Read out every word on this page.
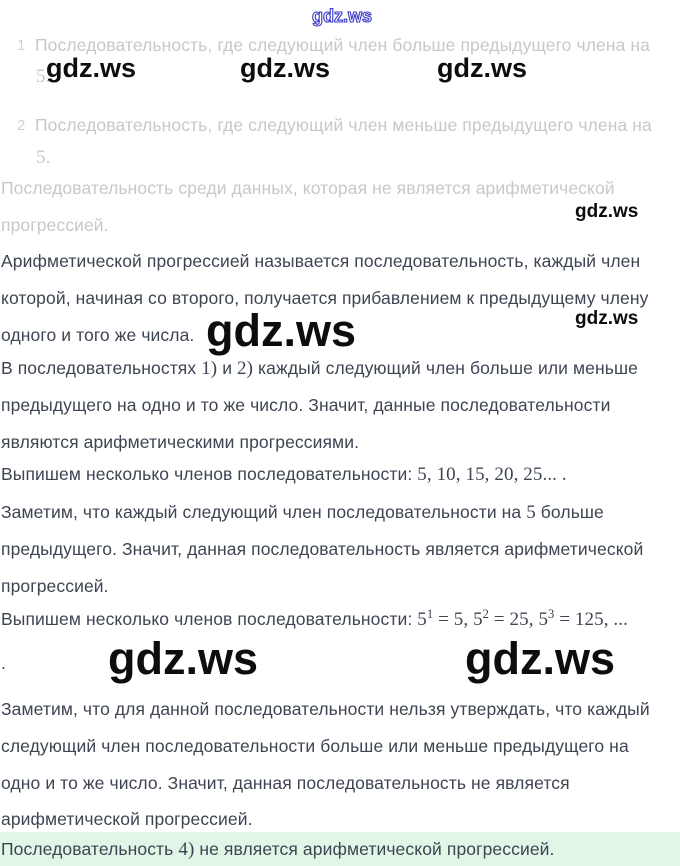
gdz.ws
1 Последовательность, где следующий член больше предыдущего члена на
5.
gdz.ws	gdz.ws	gdz.ws
2 Последовательность, где следующий член меньше предыдущего члена на
5.
Последовательность среди данных, которая не является арифметической
gdz.ws
прогрессией.
Арифметической прогрессией называется последовательность, каждый член
которой, начиная со второго, получается прибавлением к предыдущему члену
gdz.ws
одного и того же числа. gdz.ws
В последовательностях 1) и 2) каждый следующий член больше или меньше
предыдущего на одно и то же число. Значит, данные последовательности
являются арифметическими прогрессиями.
Выпишем несколько членов последовательности: 5, 10, 15, 20, 25... .
Заметим, что каждый следующий член последовательности на 5 больше
предыдущего. Значит, данная последовательность является арифметической
прогрессией.
Выпишем несколько членов последовательности: $5^1 = 5$, $5^2 = 25$, $5^3 = 125$, ...
gdz.ws	gdz.ws
.
Заметим, что для данной последовательности нельзя утверждать, что каждый
следующий член последовательности больше или меньше предыдущего на
одно и то же число. Значит, данная последовательность не является
арифметической прогрессией.
Последовательность 4) не является арифметической прогрессией.
